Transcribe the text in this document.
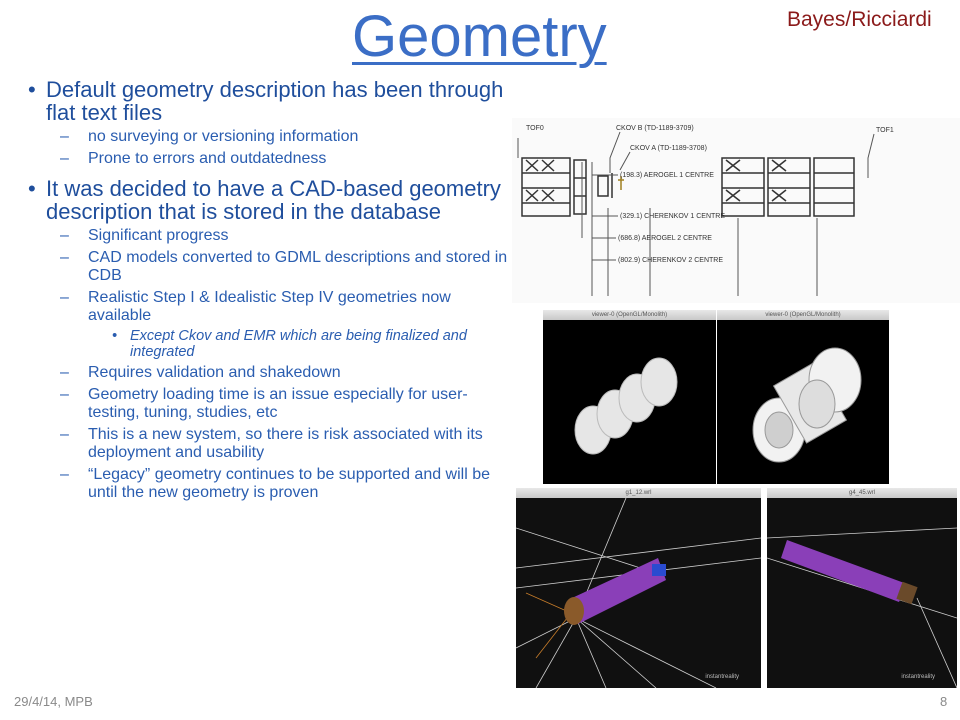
Geometry	Bayes/Ricciardi
• Default geometry description has been through flat text files
– no surveying or versioning information
– Prone to errors and outdatedness
• It was decided to have a CAD-based geometry description that is stored in the database
– Significant progress
– CAD models converted to GDML descriptions and stored in CDB
– Realistic Step I & Idealistic Step IV geometries now available
• Except Ckov and EMR which are being finalized and integrated
– Requires validation and shakedown
– Geometry loading time is an issue especially for user-testing, tuning, studies, etc
– This is a new system, so there is risk associated with its deployment and usability
– “Legacy” geometry continues to be supported and will be until the new geometry is proven
TOF0	CKOV B (TD-1189-3709)
CKOV A (TD-1189-3708)
TOF1
(198.3) AEROGEL 1 CENTRE
(329.1) CHERENKOV 1 CENTRE
(686.8) AEROGEL 2 CENTRE
(802.9) CHERENKOV 2 CENTRE
viewer-0 (OpenGL/Monolith)	viewer-0 (OpenGL/Monolith)
g1_12.wrl
instantreality
g4_45.wrl
instantreality
29/4/14, MPB	8
